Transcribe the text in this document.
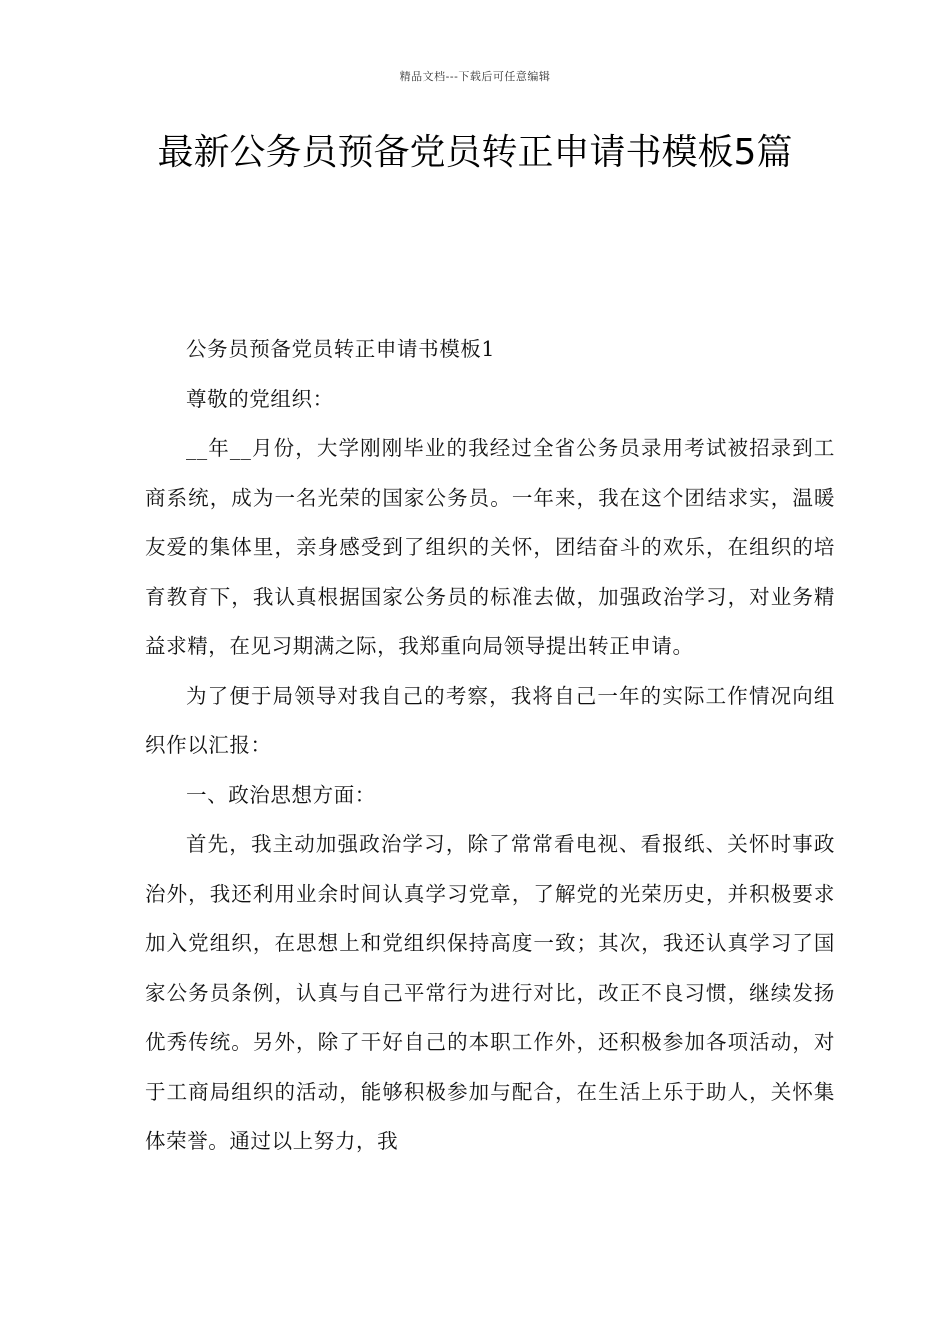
精品文档---下载后可任意编辑
最新公务员预备党员转正申请书模板5篇

公务员预备党员转正申请书模板1

尊敬的党组织：

__年__月份，大学刚刚毕业的我经过全省公务员录用考试被招录到工商系统，成为一名光荣的国家公务员。一年来，我在这个团结求实，温暖友爱的集体里，亲身感受到了组织的关怀，团结奋斗的欢乐，在组织的培育教育下，我认真根据国家公务员的标准去做，加强政治学习，对业务精益求精，在见习期满之际，我郑重向局领导提出转正申请。

为了便于局领导对我自己的考察，我将自己一年的实际工作情况向组织作以汇报：

一、政治思想方面：

首先，我主动加强政治学习，除了常常看电视、看报纸、关怀时事政治外，我还利用业余时间认真学习党章，了解党的光荣历史，并积极要求加入党组织，在思想上和党组织保持高度一致；其次，我还认真学习了国家公务员条例，认真与自己平常行为进行对比，改正不良习惯，继续发扬优秀传统。另外，除了干好自己的本职工作外，还积极参加各项活动，对于工商局组织的活动，能够积极参加与配合，在生活上乐于助人，关怀集体荣誉。通过以上努力，我
